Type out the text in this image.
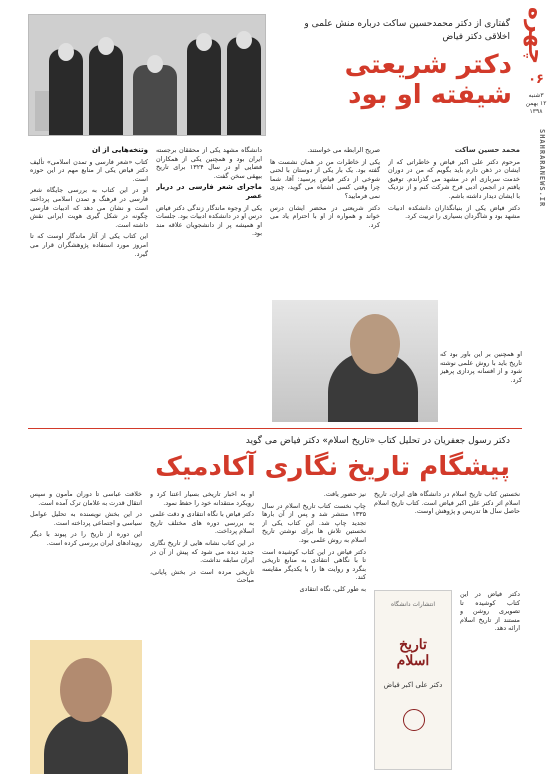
چهره
۰۶
۳شنبه ۱۲ بهمن ۱۳۹۸
SHAHRARANEWS.IR
گفتاری از دکتر محمدحسین ساکت درباره منش علمی و اخلاقی دکتر فیاض
دکتر شریعتی شیفته او بود

محمد حسین ساکت

مرحوم دکتر علی اکبر فیاض و خاطراتی که از ایشان در ذهن دارم باید بگویم که من در دوران خدمت سربازی ام در مشهد می گذراندم. توفیق یافتم در انجمن ادبی فرخ شرکت کنم و از نزدیک با ایشان دیدار داشته باشم.

دکتر فیاض یکی از بنیانگذاران دانشکده ادبیات مشهد بود و شاگردان بسیاری را تربیت کرد.

صریح الرابطه می خواستند.

یکی از خاطرات من در همان نشست ها گفته بود. یک بار یکی از دوستان با لحنی شوخی از دکتر فیاض پرسید: آقا، شما چرا وقتی کسی اشتباه می گوید، چیزی نمی فرمایید؟

دکتر شریعتی در محضر ایشان درس خواند و همواره از او با احترام یاد می کرد.

او همچنین بر این باور بود که تاریخ باید با روش علمی نوشته شود و از افسانه پردازی پرهیز کرد.

دانشگاه مشهد یکی از محققان برجسته ایران بود و همچنین یکی از همکاران فضایی او در سال ۱۳۲۴ برای تاریخ بیهقی سخن گفت.

ماجرای شعر فارسی در دربار عصر

یکی از وجوه ماندگار زندگی دکتر فیاض درس او در دانشکده ادبیات بود. جلسات او همیشه پر از دانشجویان علاقه مند بود.

وتنخه‌هایی از آن

کتاب «شعر فارسی و تمدن اسلامی» تألیف دکتر فیاض یکی از منابع مهم در این حوزه است.

او در این کتاب به بررسی جایگاه شعر فارسی در فرهنگ و تمدن اسلامی پرداخته است و نشان می دهد که ادبیات فارسی چگونه در شکل گیری هویت ایرانی نقش داشته است.

این کتاب یکی از آثار ماندگار اوست که تا امروز مورد استفاده پژوهشگران قرار می گیرد.

دکتر رسول جعفریان در تحلیل کتاب «تاریخ اسلام» دکتر فیاض می گوید
پیشگام تاریخ نگاری آکادمیک

نخستین کتاب تاریخ اسلام در دانشگاه های ایران، تاریخ اسلام اثر دکتر علی اکبر فیاض است. کتاب تاریخ اسلام حاصل سال ها تدریس و پژوهش اوست.

نیز حضور یافت.

چاپ نخست کتاب تاریخ اسلام در سال ۱۳۳۵ منتشر شد و پس از آن بارها تجدید چاپ شد. این کتاب یکی از نخستین تلاش ها برای نوشتن تاریخ اسلام به روش علمی بود.

دکتر فیاض در این کتاب کوشیده است تا با نگاهی انتقادی به منابع تاریخی بنگرد و روایت ها را با یکدیگر مقایسه کند.

به طور کلی، نگاه انتقادی

او به اخبار تاریخی بسیار اعتنا کرد و رویکرد منتقدانه خود را حفظ نمود.

دکتر فیاض با نگاه انتقادی و دقت علمی به بررسی دوره های مختلف تاریخ اسلام پرداخت.

در این کتاب نشانه هایی از تاریخ نگاری جدید دیده می شود که پیش از آن در ایران سابقه نداشت.

تاریخی مرده است در بخش پایانی، مباحث

خلافت عباسی تا دوران مأمون و سپس انتقال قدرت به غلامان ترک آمده است.

در این بخش نویسنده به تحلیل عوامل سیاسی و اجتماعی پرداخته است.

این دوره از تاریخ را در پیوند با دیگر رویدادهای ایران بررسی کرده است.

انتشارات دانشگاه
تاریخ اسلام
دکتر علی اکبر فیاض

دکتر فیاض در این کتاب کوشیده تا تصویری روشن و مستند از تاریخ اسلام ارائه دهد.
